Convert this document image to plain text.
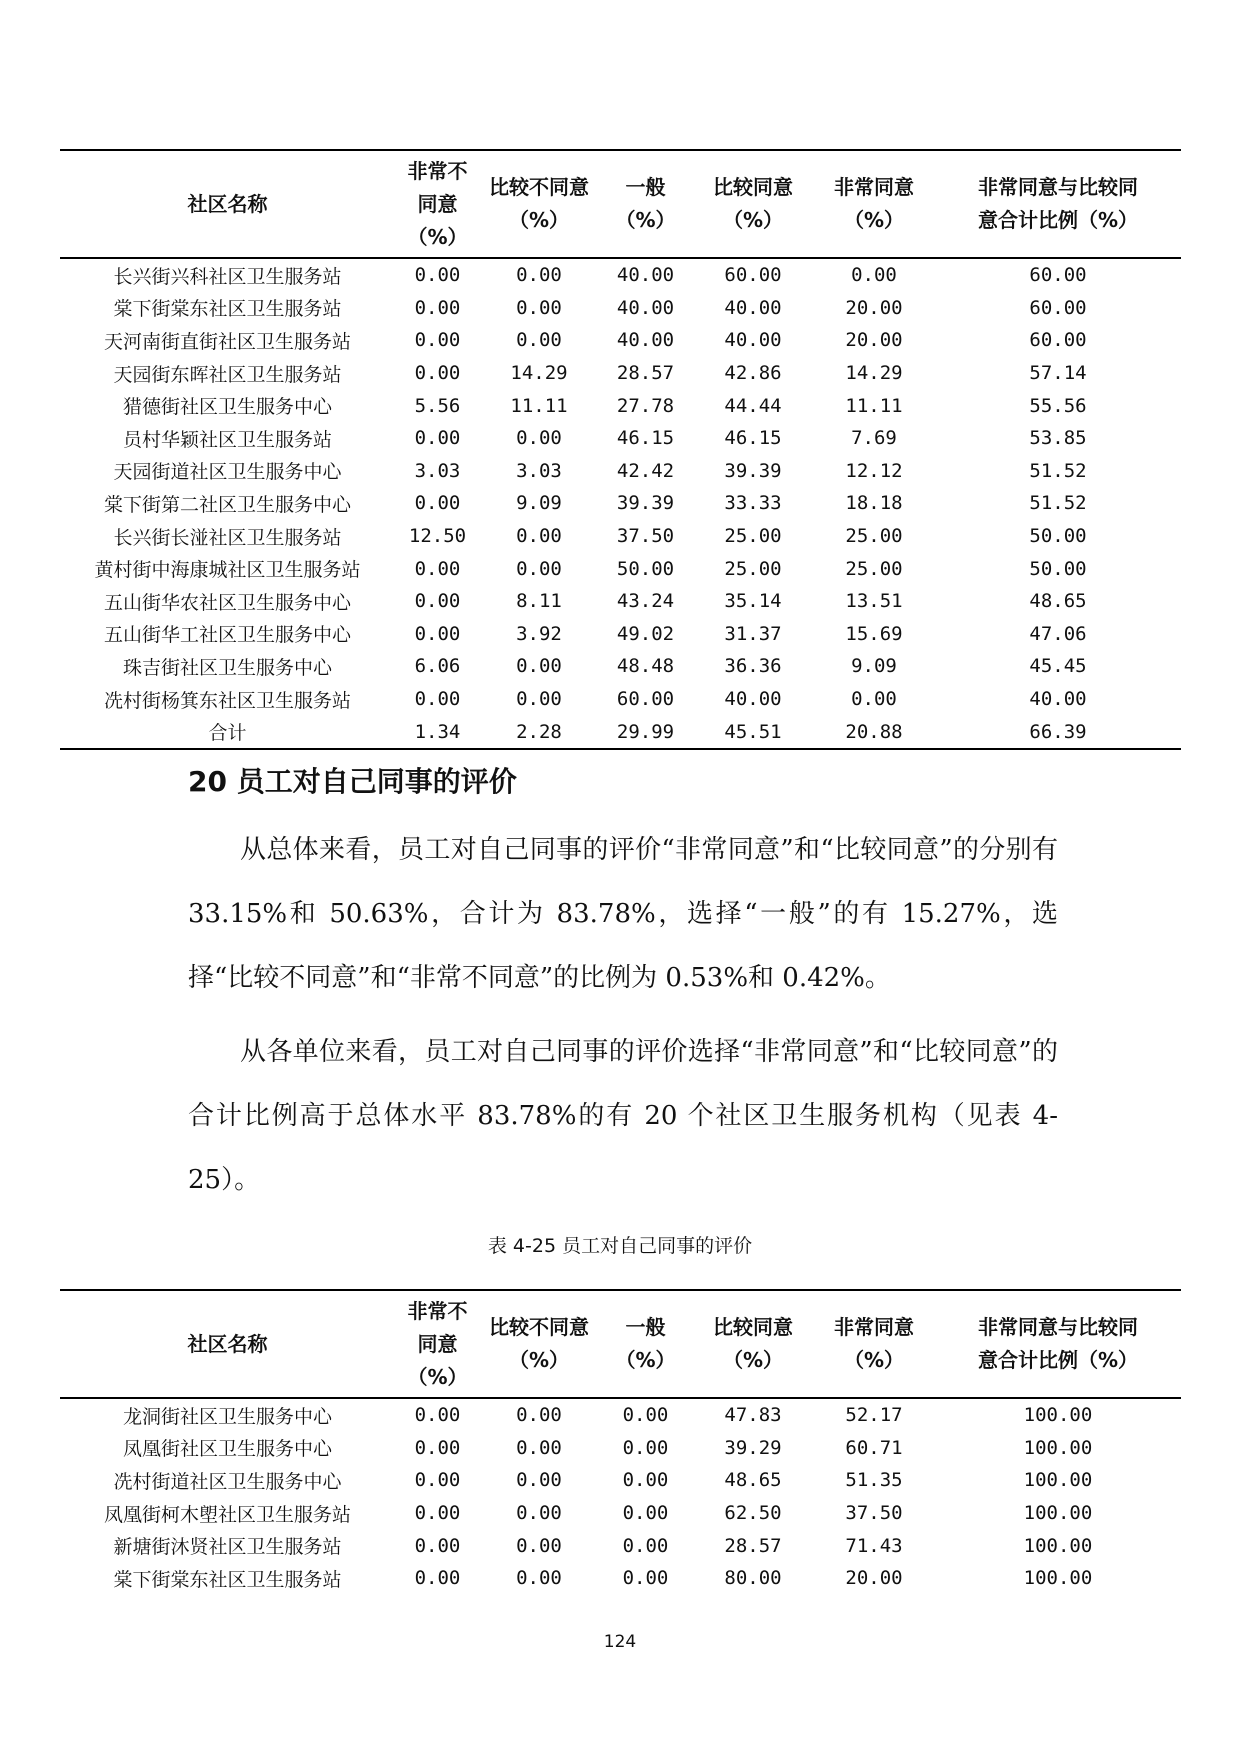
社区名称	非常不同意（%）	比较不同意（%）	一般（%）	比较同意（%）	非常同意（%）	非常同意与比较同意合计比例（%）

长兴街兴科社区卫生服务站	0.00	0.00	40.00	60.00	0.00	60.00
棠下街棠东社区卫生服务站	0.00	0.00	40.00	40.00	20.00	60.00
天河南街直街社区卫生服务站	0.00	0.00	40.00	40.00	20.00	60.00
天园街东晖社区卫生服务站	0.00	14.29	28.57	42.86	14.29	57.14
猎德街社区卫生服务中心	5.56	11.11	27.78	44.44	11.11	55.56
员村华颖社区卫生服务站	0.00	0.00	46.15	46.15	7.69	53.85
天园街道社区卫生服务中心	3.03	3.03	42.42	39.39	12.12	51.52
棠下街第二社区卫生服务中心	0.00	9.09	39.39	33.33	18.18	51.52
长兴街长湴社区卫生服务站	12.50	0.00	37.50	25.00	25.00	50.00
黄村街中海康城社区卫生服务站	0.00	0.00	50.00	25.00	25.00	50.00
五山街华农社区卫生服务中心	0.00	8.11	43.24	35.14	13.51	48.65
五山街华工社区卫生服务中心	0.00	3.92	49.02	31.37	15.69	47.06
珠吉街社区卫生服务中心	6.06	0.00	48.48	36.36	9.09	45.45
冼村街杨箕东社区卫生服务站	0.00	0.00	60.00	40.00	0.00	40.00
合计	1.34	2.28	29.99	45.51	20.88	66.39
20 员工对自己同事的评价

从总体来看，员工对自己同事的评价“非常同意”和“比较同意”的分别有 33.15%和 50.63%，合计为 83.78%，选择“一般”的有 15.27%，选择“比较不同意”和“非常不同意”的比例为 0.53%和 0.42%。

从各单位来看，员工对自己同事的评价选择“非常同意”和“比较同意”的合计比例高于总体水平 83.78%的有 20 个社区卫生服务机构（见表 4-25）。

表 4-25 员工对自己同事的评价
社区名称	非常不同意（%）	比较不同意（%）	一般（%）	比较同意（%）	非常同意（%）	非常同意与比较同意合计比例（%）

龙洞街社区卫生服务中心	0.00	0.00	0.00	47.83	52.17	100.00
凤凰街社区卫生服务中心	0.00	0.00	0.00	39.29	60.71	100.00
冼村街道社区卫生服务中心	0.00	0.00	0.00	48.65	51.35	100.00
凤凰街柯木塱社区卫生服务站	0.00	0.00	0.00	62.50	37.50	100.00
新塘街沐贤社区卫生服务站	0.00	0.00	0.00	28.57	71.43	100.00
棠下街棠东社区卫生服务站	0.00	0.00	0.00	80.00	20.00	100.00
124
